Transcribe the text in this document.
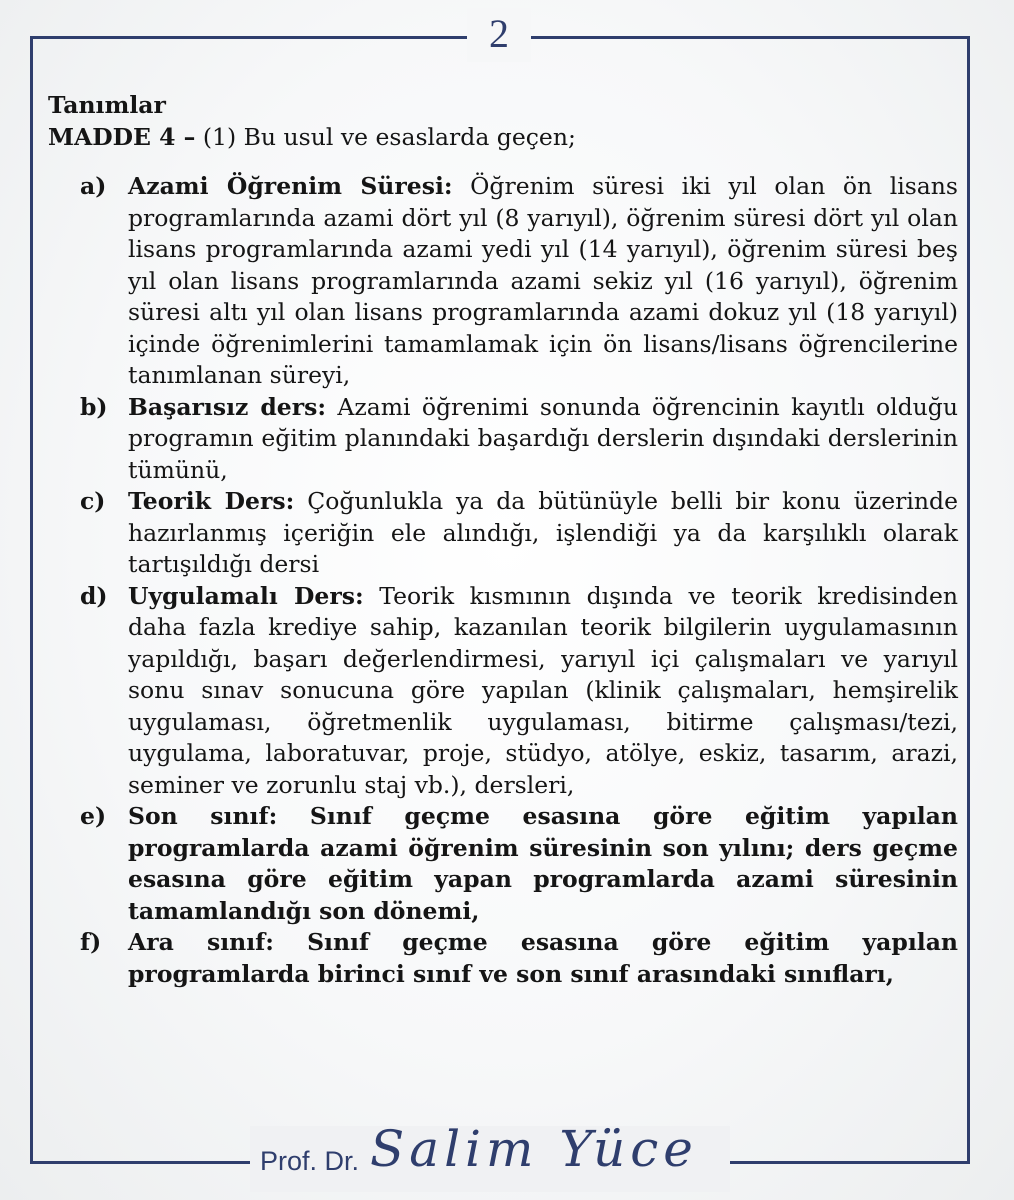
2
Tanımlar
MADDE 4 – (1) Bu usul ve esaslarda geçen;
a) Azami Öğrenim Süresi: Öğrenim süresi iki yıl olan ön lisans programlarında azami dört yıl (8 yarıyıl), öğrenim süresi dört yıl olan lisans programlarında azami yedi yıl (14 yarıyıl), öğrenim süresi beş yıl olan lisans programlarında azami sekiz yıl (16 yarıyıl), öğrenim süresi altı yıl olan lisans programlarında azami dokuz yıl (18 yarıyıl) içinde öğrenimlerini tamamlamak için ön lisans/lisans öğrencilerine tanımlanan süreyi,
b) Başarısız ders: Azami öğrenimi sonunda öğrencinin kayıtlı olduğu programın eğitim planındaki başardığı derslerin dışındaki derslerinin tümünü,
c) Teorik Ders: Çoğunlukla ya da bütünüyle belli bir konu üzerinde hazırlanmış içeriğin ele alındığı, işlendiği ya da karşılıklı olarak tartışıldığı dersi
d) Uygulamalı Ders: Teorik kısmının dışında ve teorik kredisinden daha fazla krediye sahip, kazanılan teorik bilgilerin uygulamasının yapıldığı, başarı değerlendirmesi, yarıyıl içi çalışmaları ve yarıyıl sonu sınav sonucuna göre yapılan (klinik çalışmaları, hemşirelik uygulaması, öğretmenlik uygulaması, bitirme çalışması/tezi, uygulama, laboratuvar, proje, stüdyo, atölye, eskiz, tasarım, arazi, seminer ve zorunlu staj vb.), dersleri,
e) Son sınıf: Sınıf geçme esasına göre eğitim yapılan programlarda azami öğrenim süresinin son yılını; ders geçme esasına göre eğitim yapan programlarda azami süresinin tamamlandığı son dönemi,
f) Ara sınıf: Sınıf geçme esasına göre eğitim yapılan programlarda birinci sınıf ve son sınıf arasındaki sınıfları,
Prof. Dr. Salim Yüce
